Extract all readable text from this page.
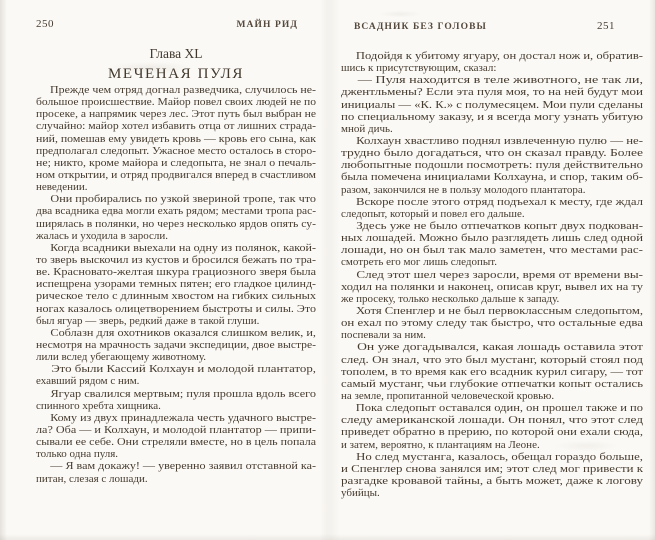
250	МАЙН РИД
Глава XL
МЕЧЕНАЯ ПУЛЯ
Прежде чем отряд догнал разведчика, случилось не-
большое происшествие. Майор повел своих людей не по
просеке, а напрямик через лес. Этот путь был выбран не
случайно: майор хотел избавить отца от лишних страда-
ний, помешав ему увидеть кровь — кровь его сына, как
предполагал следопыт. Ужасное место осталось в сторо-
не; никто, кроме майора и следопыта, не знал о печаль-
ном открытии, и отряд продвигался вперед в счастливом
неведении.
Они пробирались по узкой звериной тропе, так что
два всадника едва могли ехать рядом; местами тропа рас-
ширялась в полянки, но через несколько ярдов опять су-
жалась и уходила в заросли.
Когда всадники выехали на одну из полянок, какой-
то зверь выскочил из кустов и бросился бежать по тра-
ве. Красновато-желтая шкура грациозного зверя была
испещрена узорами темных пятен; его гладкое цилинд-
рическое тело с длинным хвостом на гибких сильных
ногах казалось олицетворением быстроты и силы. Это
был ягуар — зверь, редкий даже в такой глуши.
Соблазн для охотников оказался слишком велик, и,
несмотря на мрачность задачи экспедиции, двое выстре-
лили вслед убегающему животному.
Это были Кассий Колхаун и молодой плантатор,
ехавший рядом с ним.
Ягуар свалился мертвым; пуля прошла вдоль всего
спинного хребта хищника.
Кому из двух принадлежала честь удачного выстре-
ла? Оба — и Колхаун, и молодой плантатор — припи-
сывали ее себе. Они стреляли вместе, но в цель попала
только одна пуля.
— Я вам докажу! — уверенно заявил отставной ка-
питан, слезая с лошади.
ВСАДНИК БЕЗ ГОЛОВЫ	251
Подойдя к убитому ягуару, он достал нож и, обратив-
шись к присутствующим, сказал:
— Пуля находится в теле животного, не так ли,
джентльмены? Если эта пуля моя, то на ней будут мои
инициалы — «К. К.» с полумесяцем. Мои пули сделаны
по специальному заказу, и я всегда могу узнать убитую
мной дичь.
Колхаун хвастливо поднял извлеченную пулю — не-
трудно было догадаться, что он сказал правду. Более
любопытные подошли посмотреть: пуля действительно
была помечена инициалами Колхауна, и спор, таким об-
разом, закончился не в пользу молодого плантатора.
Вскоре после этого отряд подъехал к месту, где ждал
следопыт, который и повел его дальше.
Здесь уже не было отпечатков копыт двух подкован-
ных лошадей. Можно было разглядеть лишь след одной
лошади, но он был так мало заметен, что местами рас-
смотреть его мог лишь следопыт.
След этот шел через заросли, время от времени вы-
ходил на полянки и наконец, описав круг, вывел их на ту
же просеку, только несколько дальше к западу.
Хотя Спенглер и не был первоклассным следопытом,
он ехал по этому следу так быстро, что остальные едва
поспевали за ним.
Он уже догадывался, какая лошадь оставила этот
след. Он знал, что это был мустанг, который стоял под
тополем, в то время как его всадник курил сигару, — тот
самый мустанг, чьи глубокие отпечатки копыт остались
на земле, пропитанной человеческой кровью.
Пока следопыт оставался один, он прошел также и по
следу американской лошади. Он понял, что этот след
приведет обратно в прерию, по которой они ехали сюда,
и затем, вероятно, к плантациям на Леоне.
Но след мустанга, казалось, обещал гораздо больше,
и Спенглер снова занялся им; этот след мог привести к
разгадке кровавой тайны, а быть может, даже к логову
убийцы.
